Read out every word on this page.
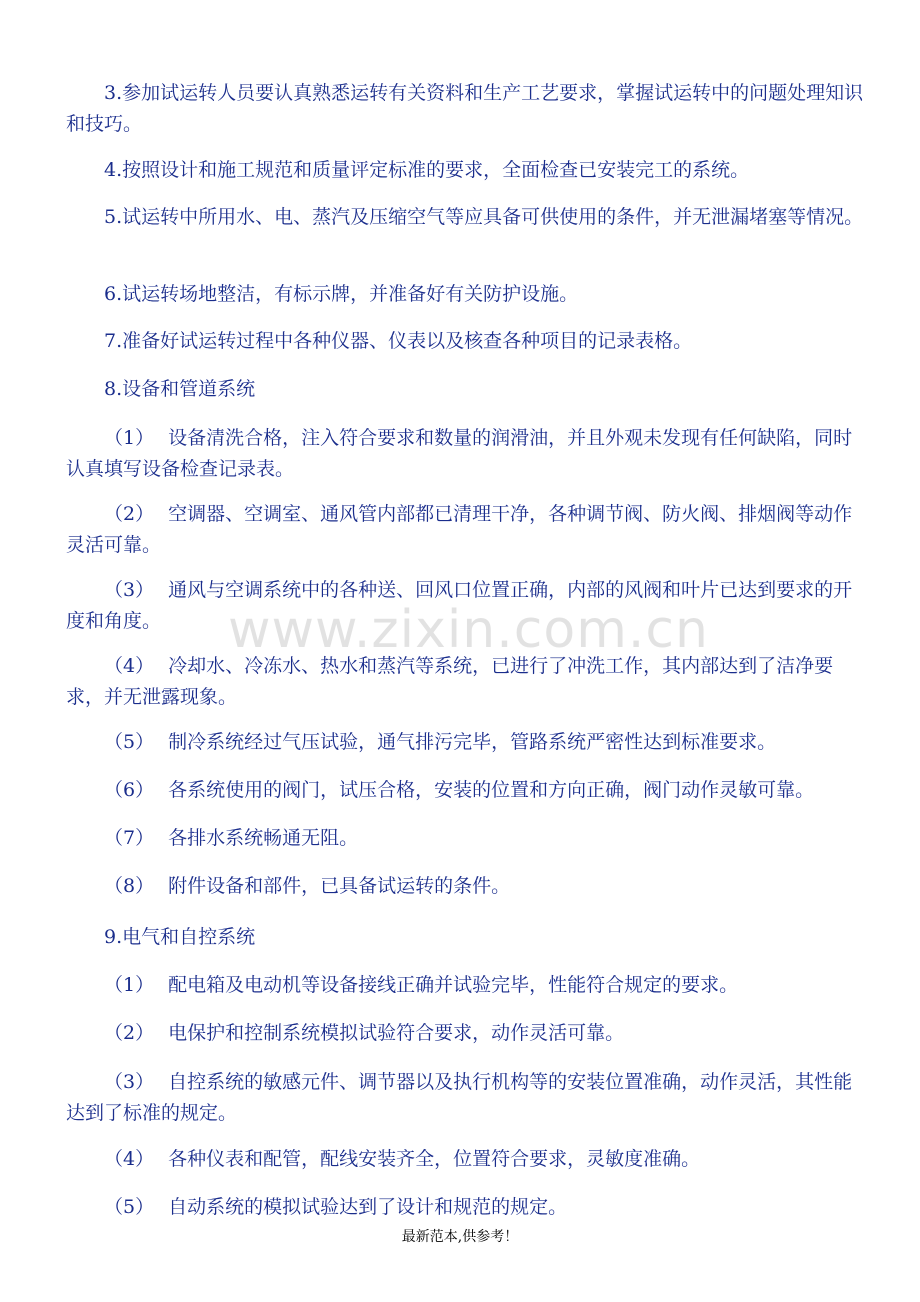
3.参加试运转人员要认真熟悉运转有关资料和生产工艺要求，掌握试运转中的问题处理知识和技巧。

4.按照设计和施工规范和质量评定标准的要求，全面检查已安装完工的系统。

5.试运转中所用水、电、蒸汽及压缩空气等应具备可供使用的条件，并无泄漏堵塞等情况。

6.试运转场地整洁，有标示牌，并准备好有关防护设施。

7.准备好试运转过程中各种仪器、仪表以及核查各种项目的记录表格。

8.设备和管道系统

（1） 设备清洗合格，注入符合要求和数量的润滑油，并且外观未发现有任何缺陷，同时认真填写设备检查记录表。

（2） 空调器、空调室、通风管内部都已清理干净，各种调节阀、防火阀、排烟阀等动作灵活可靠。

（3） 通风与空调系统中的各种送、回风口位置正确，内部的风阀和叶片已达到要求的开度和角度。

（4） 冷却水、冷冻水、热水和蒸汽等系统，已进行了冲洗工作，其内部达到了洁净要求，并无泄露现象。

（5） 制冷系统经过气压试验，通气排污完毕，管路系统严密性达到标准要求。

（6） 各系统使用的阀门，试压合格，安装的位置和方向正确，阀门动作灵敏可靠。

（7） 各排水系统畅通无阻。

（8） 附件设备和部件，已具备试运转的条件。

9.电气和自控系统

（1） 配电箱及电动机等设备接线正确并试验完毕，性能符合规定的要求。

（2） 电保护和控制系统模拟试验符合要求，动作灵活可靠。

（3） 自控系统的敏感元件、调节器以及执行机构等的安装位置准确，动作灵活，其性能达到了标准的规定。

（4） 各种仪表和配管，配线安装齐全，位置符合要求，灵敏度准确。

（5） 自动系统的模拟试验达到了设计和规范的规定。

www.zixin.com.cn
最新范本,供参考！
